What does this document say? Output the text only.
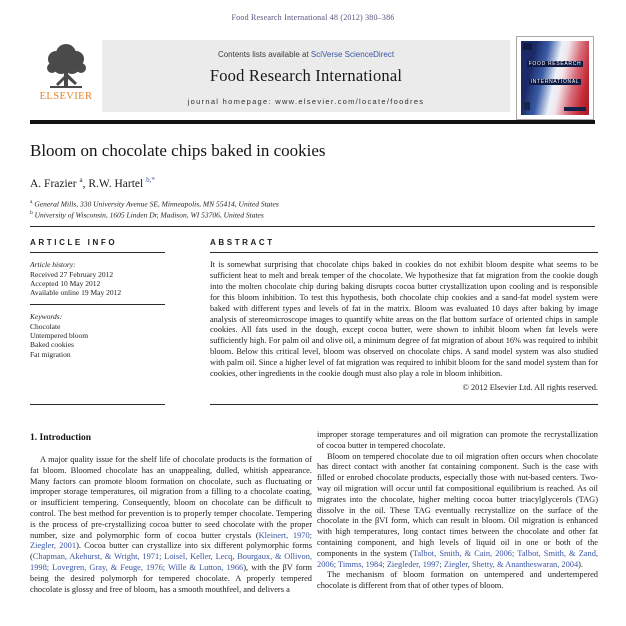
Food Research International 48 (2012) 380–386
ELSEVIER
Contents lists available at SciVerse ScienceDirect
Food Research International
journal homepage: www.elsevier.com/locate/foodres
FOOD RESEARCH
INTERNATIONAL
Bloom on chocolate chips baked in cookies
A. Frazier $^a$, R.W. Hartel $^{b,*}$
$^a$ General Mills, 330 University Avenue SE, Minneapolis, MN 55414, United States
$^b$ University of Wisconsin, 1605 Linden Dr, Madison, WI 53706, United States
ARTICLE INFO
Article history:
Received 27 February 2012
Accepted 10 May 2012
Available online 19 May 2012
Keywords:
Chocolate
Untempered bloom
Baked cookies
Fat migration
ABSTRACT
It is somewhat surprising that chocolate chips baked in cookies do not exhibit bloom despite what seems to be sufficient heat to melt and break temper of the chocolate. We hypothesize that fat migration from the cookie dough into the molten chocolate chip during baking disrupts cocoa butter crystallization upon cooling and is responsible for this bloom inhibition. To test this hypothesis, both chocolate chip cookies and a sand-fat model system were baked with different types and levels of fat in the matrix. Bloom was evaluated 10 days after baking by image analysis of stereomicroscope images to quantify white areas on the flat bottom surface of oriented chips in sample cookies. All fats used in the dough, except cocoa butter, were shown to inhibit bloom when fat levels were sufficiently high. For palm oil and olive oil, a minimum degree of fat migration of about 16% was required to inhibit bloom. Below this critical level, bloom was observed on chocolate chips. A sand model system was also studied with palm oil. Since a higher level of fat migration was required to inhibit bloom for the sand model system than for cookies, other ingredients in the cookie dough must also play a role in bloom inhibition.
© 2012 Elsevier Ltd. All rights reserved.
1. Introduction

A major quality issue for the shelf life of chocolate products is the formation of fat bloom. Bloomed chocolate has an unappealing, dulled, whitish appearance. Many factors can promote bloom formation on chocolate, such as fluctuating or improper storage temperatures, oil migration from a filling to a chocolate coating, or insufficient tempering. Consequently, bloom on chocolate can be difficult to control. The best method for prevention is to properly temper chocolate. Tempering is the process of pre-crystallizing cocoa butter to seed chocolate with the proper number, size and polymorphic form of cocoa butter crystals (Kleinert, 1970; Ziegler, 2001). Cocoa butter can crystallize into six different polymorphic forms (Chapman, Akehurst, & Wright, 1971; Loisel, Keller, Lecq, Bourgaux, & Ollivon, 1998; Lovegren, Gray, & Feuge, 1976; Wille & Lutton, 1966), with the βV form being the desired polymorph for tempered chocolate. A properly tempered chocolate is glossy and free of bloom, has a smooth mouthfeel, and delivers a

improper storage temperatures and oil migration can promote the recrystallization of cocoa butter in tempered chocolate.

Bloom on tempered chocolate due to oil migration often occurs when chocolate has direct contact with another fat containing component. Such is the case with filled or enrobed chocolate products, especially those with nut-based centers. Two-way oil migration will occur until fat compositional equilibrium is reached. As oil migrates into the chocolate, higher melting cocoa butter triacylglycerols (TAG) dissolve in the oil. These TAG eventually recrystallize on the surface of the chocolate in the βVI form, which can result in bloom. Oil migration is enhanced with high temperatures, long contact times between the chocolate and other fat containing component, and high levels of liquid oil in one or both of the components in the system (Talbot, Smith, & Cain, 2006; Talbot, Smith, & Zand, 2006; Timms, 1984; Ziegleder, 1997; Ziegler, Shetty, & Anantheswaran, 2004).

The mechanism of bloom formation on untempered and undertempered chocolate is different from that of other types of bloom.
